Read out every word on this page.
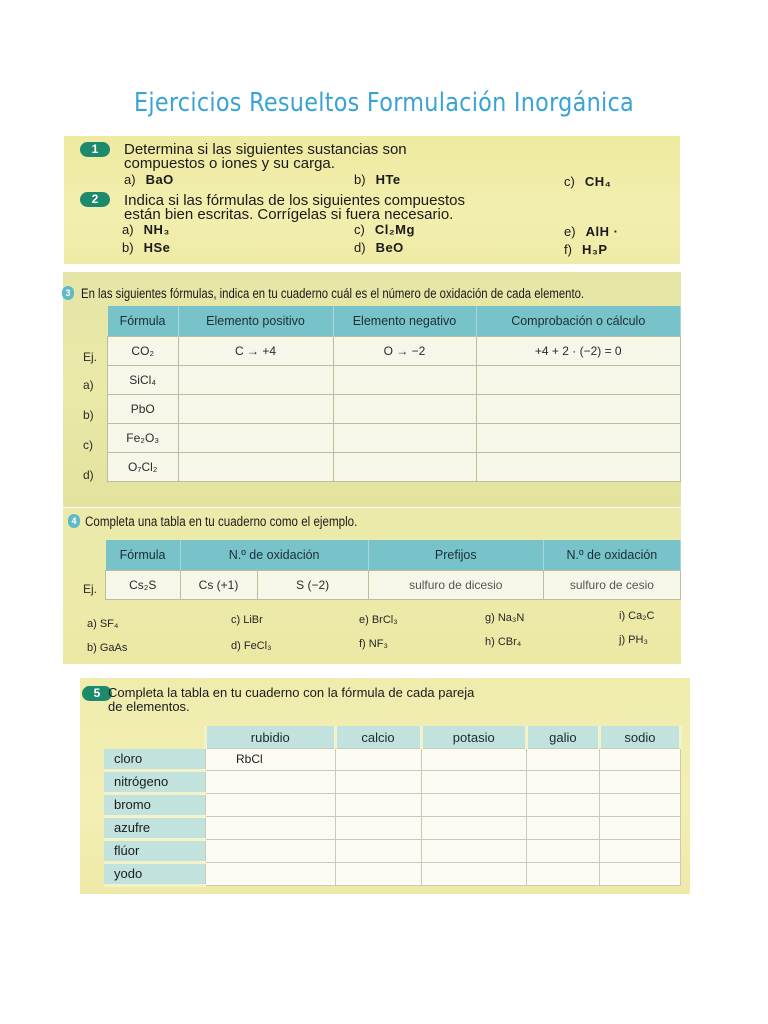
Ejercicios Resueltos Formulación Inorgánica
1	Determina si las siguientes sustancias son
compuestos o iones y su carga.
a) BaO	b) HTe	c) CH₄
2	Indica si las fórmulas de los siguientes compuestos
están bien escritas. Corrígelas si fuera necesario.
a) NH₃	c) Cl₂Mg	e) AlH ·
b) HSe	d) BeO	f) H₃P
3 En las siguientes fórmulas, indica en tu cuaderno cuál es el número de oxidación de cada elemento.
Ej.
a)
b)
c)
d)
Fórmula	Elemento positivo	Elemento negativo	Comprobación o cálculo
CO₂	C → +4	O → −2	+4 + 2 · (−2) = 0
SiCl₄			
PbO			
Fe₂O₃			
O₇Cl₂			
4 Completa una tabla en tu cuaderno como el ejemplo.
Ej.
Fórmula	N.º de oxidación		Prefijos	N.º de oxidación
Cs₂S	Cs (+1)	S (−2)	sulfuro de dicesio	sulfuro de cesio
a) SF₄
b) GaAs
c) LiBr
d) FeCl₃
e) BrCl₃
f) NF₃
g) Na₃N
h) CBr₄
i) Ca₂C
j) PH₃
5 Completa la tabla en tu cuaderno con la fórmula de cada pareja
de elementos.
	rubidio	calcio	potasio	galio	sodio
cloro	RbCl				
nitrógeno					
bromo					
azufre					
flúor					
yodo					
